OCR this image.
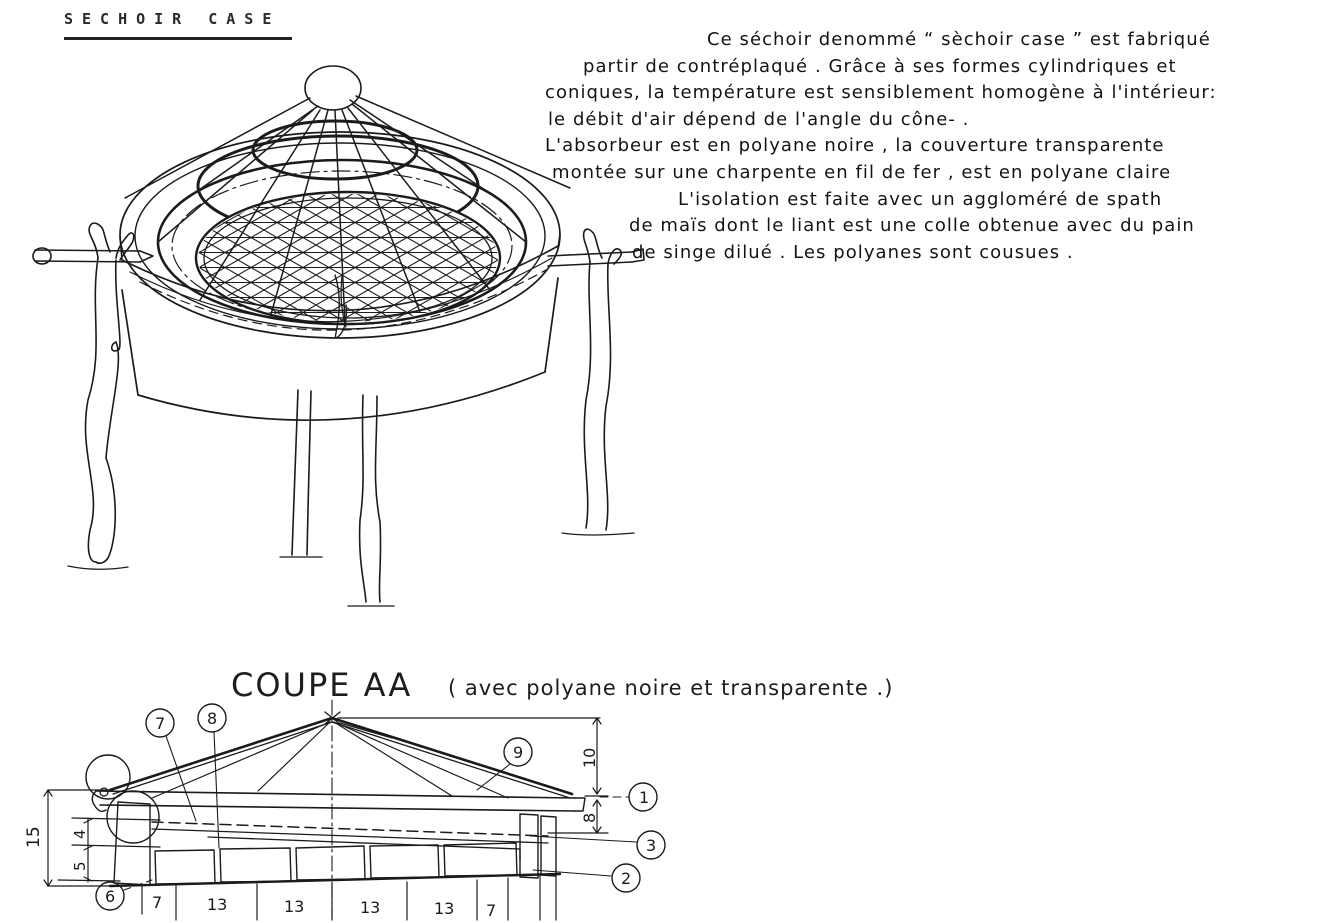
SECHOIR CASE
Ce séchoir denommé “ sèchoir case ” est fabriqué
partir de contréplaqué . Grâce à ses formes cylindriques et
coniques, la température est sensiblement homogène à l'intérieur:
le débit d'air dépend de l'angle du cône- .
L'absorbeur est en polyane noire , la couverture transparente
montée sur une charpente en fil de fer , est en polyane claire
L'isolation est faite avec un aggloméré de spath
de maïs dont le liant est une colle obtenue avec du pain
de singe dilué . Les polyanes sont cousues .
COUPE AA ( avec polyane noire et transparente .)
15 4
5
10
8
7	8
9
1
3
2
6 7	13	13	13	13 7
